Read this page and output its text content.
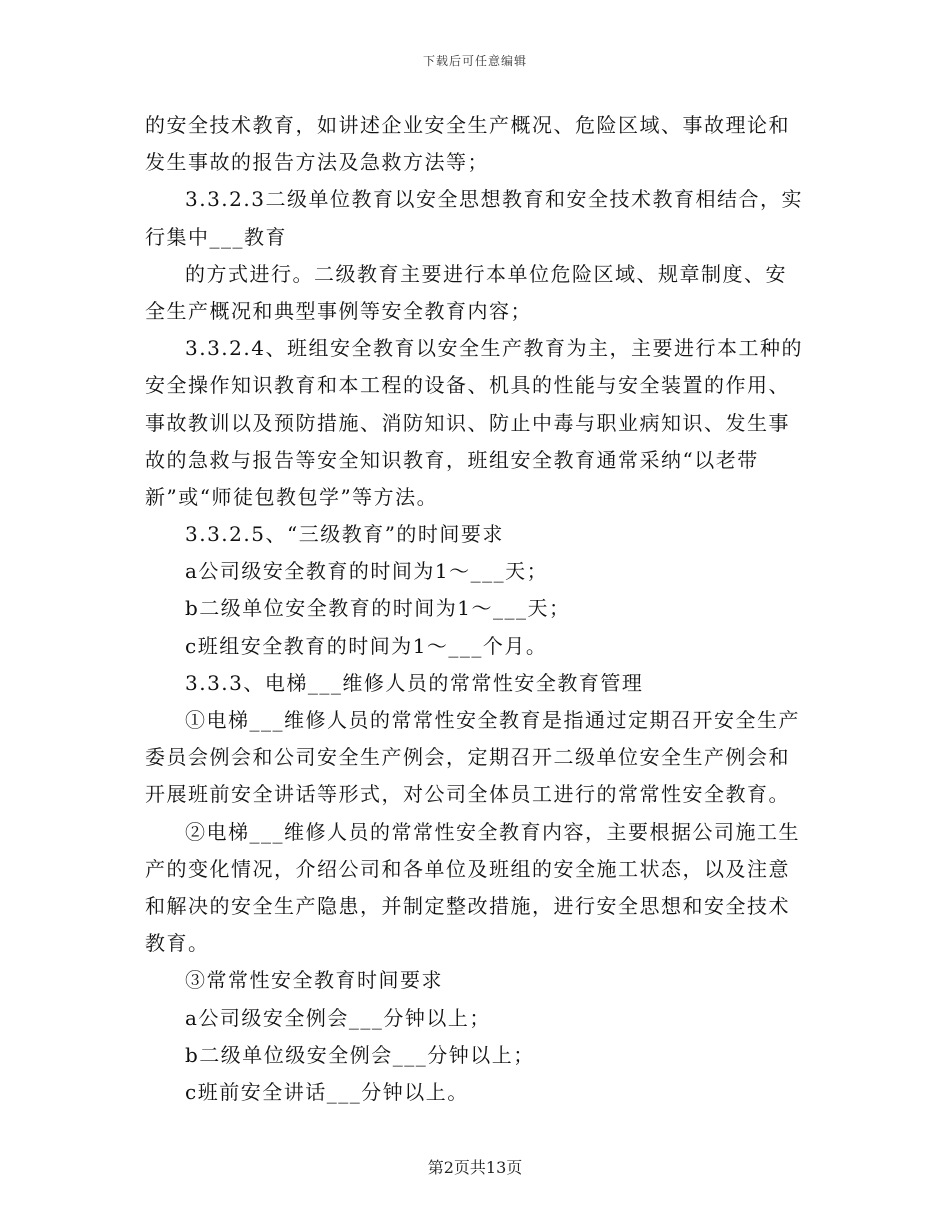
下载后可任意编辑
的安全技术教育，如讲述企业安全生产概况、危险区域、事故理论和
发生事故的报告方法及急救方法等；
3.3.2.3二级单位教育以安全思想教育和安全技术教育相结合，实
行集中___教育
的方式进行。二级教育主要进行本单位危险区域、规章制度、安
全生产概况和典型事例等安全教育内容；
3.3.2.4、班组安全教育以安全生产教育为主，主要进行本工种的
安全操作知识教育和本工程的设备、机具的性能与安全装置的作用、
事故教训以及预防措施、消防知识、防止中毒与职业病知识、发生事
故的急救与报告等安全知识教育，班组安全教育通常采纳“以老带
新”或“师徒包教包学”等方法。
3.3.2.5、“三级教育”的时间要求
a公司级安全教育的时间为1～___天；
b二级单位安全教育的时间为1～___天；
c班组安全教育的时间为1～___个月。
3.3.3、电梯___维修人员的常常性安全教育管理
①电梯___维修人员的常常性安全教育是指通过定期召开安全生产
委员会例会和公司安全生产例会，定期召开二级单位安全生产例会和
开展班前安全讲话等形式，对公司全体员工进行的常常性安全教育。
②电梯___维修人员的常常性安全教育内容，主要根据公司施工生
产的变化情况，介绍公司和各单位及班组的安全施工状态，以及注意
和解决的安全生产隐患，并制定整改措施，进行安全思想和安全技术
教育。
③常常性安全教育时间要求
a公司级安全例会___分钟以上；
b二级单位级安全例会___分钟以上；
c班前安全讲话___分钟以上。
第2页共13页
